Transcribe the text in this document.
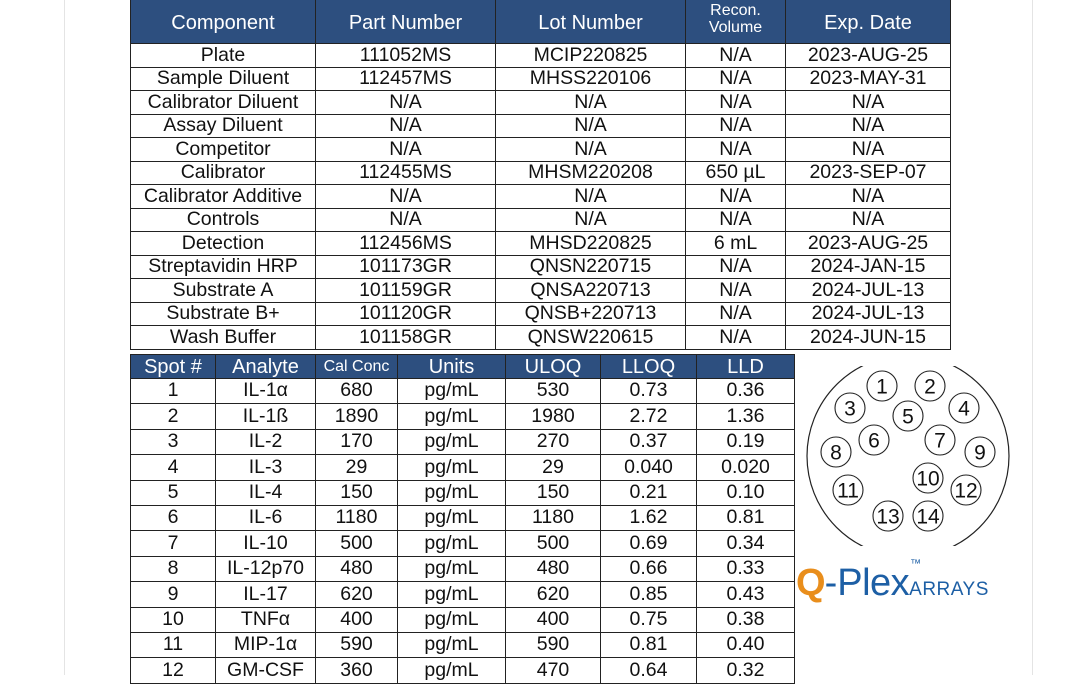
Component	Part Number	Lot Number	Recon. Volume	Exp. Date
Plate	111052MS	MCIP220825	N/A	2023-AUG-25
Sample Diluent	112457MS	MHSS220106	N/A	2023-MAY-31
Calibrator Diluent	N/A	N/A	N/A	N/A
Assay Diluent	N/A	N/A	N/A	N/A
Competitor	N/A	N/A	N/A	N/A
Calibrator	112455MS	MHSM220208	650 µL	2023-SEP-07
Calibrator Additive	N/A	N/A	N/A	N/A
Controls	N/A	N/A	N/A	N/A
Detection	112456MS	MHSD220825	6 mL	2023-AUG-25
Streptavidin HRP	101173GR	QNSN220715	N/A	2024-JAN-15
Substrate A	101159GR	QNSA220713	N/A	2024-JUL-13
Substrate B+	101120GR	QNSB+220713	N/A	2024-JUL-13
Wash Buffer	101158GR	QNSW220615	N/A	2024-JUN-15
Spot #	Analyte	Cal Conc	Units	ULOQ	LLOQ	LLD
1	IL-1α	680	pg/mL	530	0.73	0.36
2	IL-1ß	1890	pg/mL	1980	2.72	1.36
3	IL-2	170	pg/mL	270	0.37	0.19
4	IL-3	29	pg/mL	29	0.040	0.020
5	IL-4	150	pg/mL	150	0.21	0.10
6	IL-6	1180	pg/mL	1180	1.62	0.81
7	IL-10	500	pg/mL	500	0.69	0.34
8	IL-12p70	480	pg/mL	480	0.66	0.33
9	IL-17	620	pg/mL	620	0.85	0.43
10	TNFα	400	pg/mL	400	0.75	0.38
11	MIP-1α	590	pg/mL	590	0.81	0.40
12	GM-CSF	360	pg/mL	470	0.64	0.32
1 2
3	4
5
6	7
8	9
10
11	12
13 14
Q-Plex™ARRAYS
